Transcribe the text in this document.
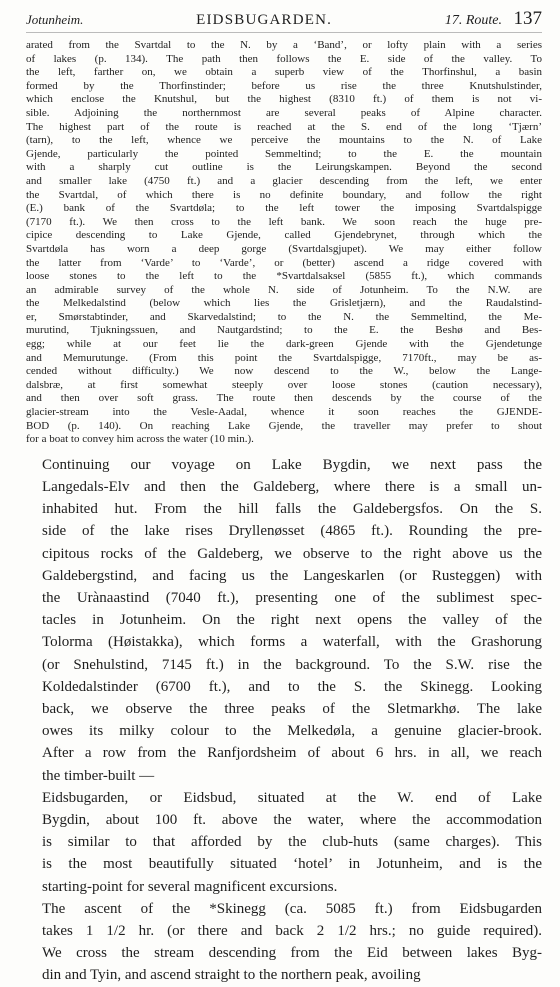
Jotunheim.	EIDSBUGARDEN.	17. Route. 137

arated from the Svartdal to the N. by a ‘Band’, or lofty plain with a series
of lakes (p. 134). The path then follows the E. side of the valley. To
the left, farther on, we obtain a superb view of the Thorfinshul, a basin
formed by the Thorfinstinder; before us rise the three Knutshulstinder,
which enclose the Knutshul, but the highest (8310 ft.) of them is not vi-
sible. Adjoining the northernmost are several peaks of Alpine character.
The highest part of the route is reached at the S. end of the long ‘Tjærn’
(tarn), to the left, whence we perceive the mountains to the N. of Lake
Gjende, particularly the pointed Semmeltind; to the E. the mountain
with a sharply cut outline is the Leirungskampen. Beyond the second
and smaller lake (4750 ft.) and a glacier descending from the left, we enter
the Svartdal, of which there is no definite boundary, and follow the right
(E.) bank of the Svartdøla; to the left tower the imposing Svartdalspigge
(7170 ft.). We then cross to the left bank. We soon reach the huge pre-
cipice descending to Lake Gjende, called Gjendebrynet, through which the
Svartdøla has worn a deep gorge (Svartdalsgjupet). We may either follow
the latter from ‘Varde’ to ‘Varde’, or (better) ascend a ridge covered with
loose stones to the left to the *Svartdalsaksel (5855 ft.), which commands
an admirable survey of the whole N. side of Jotunheim. To the N.W. are
the Melkedalstind (below which lies the Grisletjærn), and the Raudalstind-
er, Smørstabtinder, and Skarvedalstind; to the N. the Semmeltind, the Me-
murutind, Tjukningssuen, and Nautgardstind; to the E. the Beshø and Bes-
egg; while at our feet lie the dark-green Gjende with the Gjendetunge
and Memurutunge. (From this point the Svartdalspigge, 7170ft., may be as-
cended without difficulty.) We now descend to the W., below the Lange-
dalsbræ, at first somewhat steeply over loose stones (caution necessary),
and then over soft grass. The route then descends by the course of the
glacier-stream into the Vesle-Aadal, whence it soon reaches the GJENDE-
BOD (p. 140). On reaching Lake Gjende, the traveller may prefer to shout
for a boat to convey him across the water (10 min.).

Continuing our voyage on Lake Bygdin, we next pass the
Langedals-Elv and then the Galdeberg, where there is a small un-
inhabited hut. From the hill falls the Galdebergsfos. On the S.
side of the lake rises Dryllenøsset (4865 ft.). Rounding the pre-
cipitous rocks of the Galdeberg, we observe to the right above us the
Galdebergstind, and facing us the Langeskarlen (or Rusteggen) with
the Urànaastind (7040 ft.), presenting one of the sublimest spec-
tacles in Jotunheim. On the right next opens the valley of the
Tolorma (Høistakka), which forms a waterfall, with the Grashorung
(or Snehulstind, 7145 ft.) in the background. To the S.W. rise the
Koldedalstinder (6700 ft.), and to the S. the Skinegg. Looking
back, we observe the three peaks of the Sletmarkhø. The lake
owes its milky colour to the Melkedøla, a genuine glacier-brook.
After a row from the Ranfjordsheim of about 6 hrs. in all, we reach
the timber-built —

Eidsbugarden, or Eidsbud, situated at the W. end of Lake
Bygdin, about 100 ft. above the water, where the accommodation
is similar to that afforded by the club-huts (same charges). This
is the most beautifully situated ‘hotel’ in Jotunheim, and is the
starting-point for several magnificent excursions.

The ascent of the *Skinegg (ca. 5085 ft.) from Eidsbugarden
takes 1 1/2 hr. (or there and back 2 1/2 hrs.; no guide required).
We cross the stream descending from the Eid between lakes Byg-
din and Tyin, and ascend straight to the northern peak, avoiling
